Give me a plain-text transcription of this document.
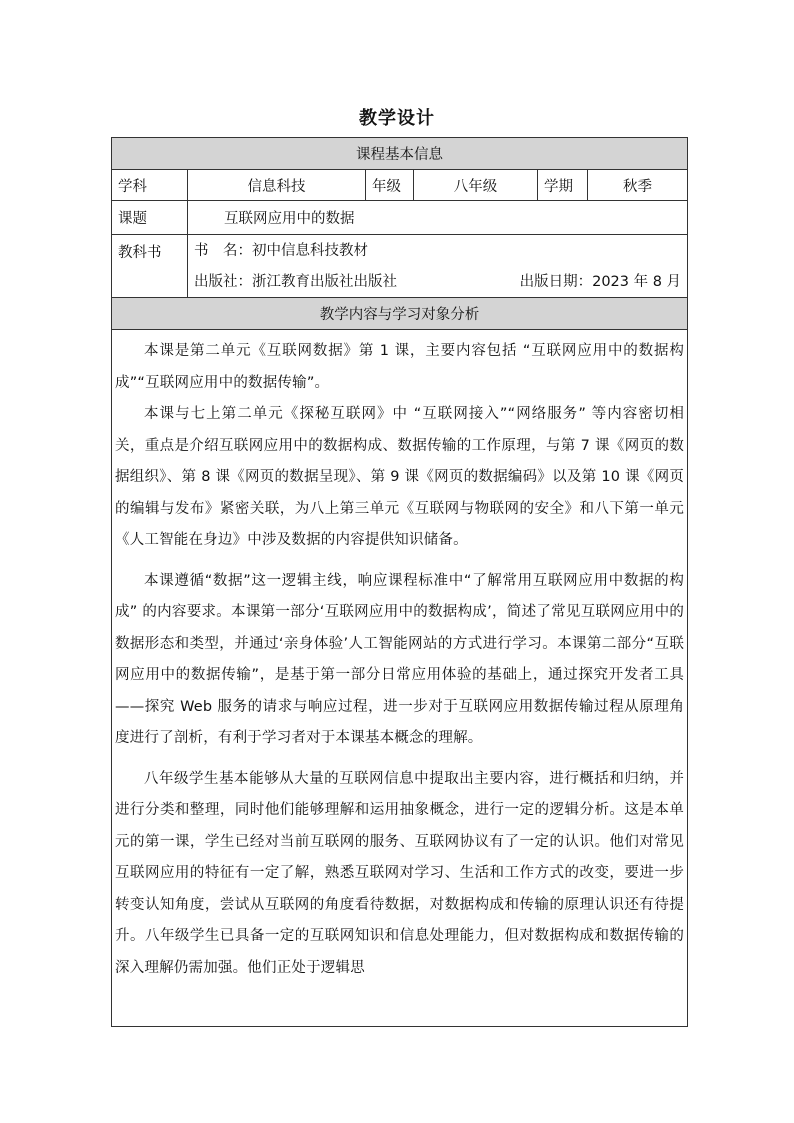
教学设计
课程基本信息					
学科	信息科技	年级	八年级	学期	秋季
课题	互联网应用中的数据				
教科书	书　名：初中信息科技教材
出版社：浙江教育出版社出版社 出版日期：2023 年 8 月				

教学内容与学习对象分析					

本课是第二单元《互联网数据》第 1 课，主要内容包括 “互联网应用中的数据构成”“互联网应用中的数据传输”。

本课与七上第二单元《探秘互联网》中 “互联网接入”“网络服务” 等内容密切相关，重点是介绍互联网应用中的数据构成、数据传输的工作原理，与第 7 课《网页的数据组织》、第 8 课《网页的数据呈现》、第 9 课《网页的数据编码》以及第 10 课《网页的编辑与发布》紧密关联，为八上第三单元《互联网与物联网的安全》和八下第一单元《人工智能在身边》中涉及数据的内容提供知识储备。

本课遵循“数据”这一逻辑主线，响应课程标准中“了解常用互联网应用中数据的构成” 的内容要求。本课第一部分‘互联网应用中的数据构成’，简述了常见互联网应用中的数据形态和类型，并通过‘亲身体验’人工智能网站的方式进行学习。本课第二部分“互联网应用中的数据传输”，是基于第一部分日常应用体验的基础上，通过探究开发者工具——探究 Web 服务的请求与响应过程，进一步对于互联网应用数据传输过程从原理角度进行了剖析，有利于学习者对于本课基本概念的理解。

八年级学生基本能够从大量的互联网信息中提取出主要内容，进行概括和归纳，并进行分类和整理，同时他们能够理解和运用抽象概念，进行一定的逻辑分析。这是本单元的第一课，学生已经对当前互联网的服务、互联网协议有了一定的认识。他们对常见互联网应用的特征有一定了解，熟悉互联网对学习、生活和工作方式的改变，要进一步转变认知角度，尝试从互联网的角度看待数据，对数据构成和传输的原理认识还有待提升。八年级学生已具备一定的互联网知识和信息处理能力，但对数据构成和数据传输的深入理解仍需加强。他们正处于逻辑思					
